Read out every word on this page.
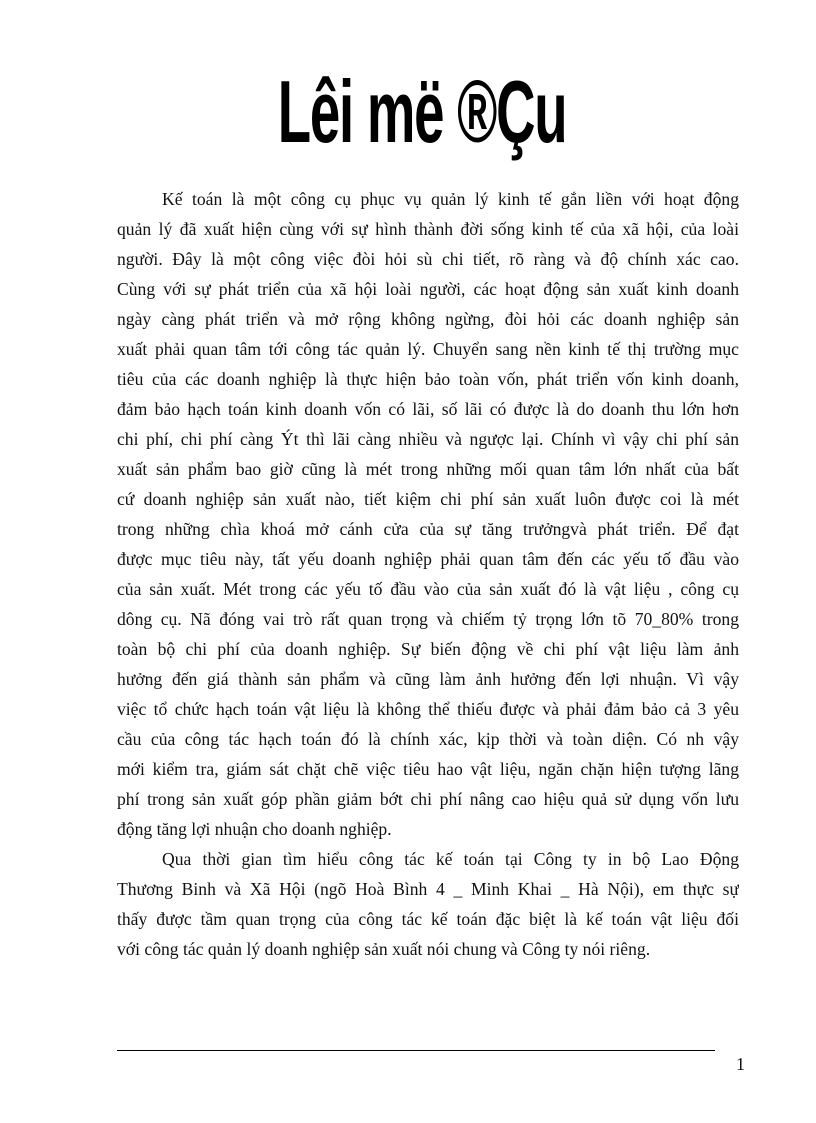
Lêi më ®Çu
Kế toán là một công cụ phục vụ quản lý kinh tế gắn liền với hoạt động
quản lý đã xuất hiện cùng với sự hình thành đời sống kinh tế của xã hội, của loài
người. Đây là một công việc đòi hỏi sù chi tiết, rõ ràng và độ chính xác cao.
Cùng với sự phát triển của xã hội loài người, các hoạt động sản xuất kinh doanh
ngày càng phát triển và mở rộng không ngừng, đòi hỏi các doanh nghiệp sản
xuất phải quan tâm tới công tác quản lý. Chuyển sang nền kinh tế thị trường mục
tiêu của các doanh nghiệp là thực hiện bảo toàn vốn, phát triển vốn kinh doanh,
đảm bảo hạch toán kinh doanh vốn có lãi, số lãi có được là do doanh thu lớn hơn
chi phí, chi phí càng Ýt thì lãi càng nhiều và ngược lại. Chính vì vậy chi phí sản
xuất sản phẩm bao giờ cũng là mét trong những mối quan tâm lớn nhất của bất
cứ doanh nghiệp sản xuất nào, tiết kiệm chi phí sản xuất luôn được coi là mét
trong những chìa khoá mở cánh cửa của sự tăng trưởngvà phát triển. Để đạt
được mục tiêu này, tất yếu doanh nghiệp phải quan tâm đến các yếu tố đầu vào
của sản xuất. Mét trong các yếu tố đầu vào của sản xuất đó là vật liệu , công cụ
dông cụ. Nã đóng vai trò rất quan trọng và chiếm tỷ trọng lớn tõ 70_80% trong
toàn bộ chi phí của doanh nghiệp. Sự biến động về chi phí vật liệu làm ảnh
hưởng đến giá thành sản phẩm và cũng làm ảnh hưởng đến lợi nhuận. Vì vậy
việc tổ chức hạch toán vật liệu là không thể thiếu được và phải đảm bảo cả 3 yêu
cầu của công tác hạch toán đó là chính xác, kịp thời và toàn diện. Có nh vậy
mới kiểm tra, giám sát chặt chẽ việc tiêu hao vật liệu, ngăn chặn hiện tượng lãng
phí trong sản xuất góp phần giảm bớt chi phí nâng cao hiệu quả sử dụng vốn lưu
động tăng lợi nhuận cho doanh nghiệp.
Qua thời gian tìm hiểu công tác kế toán tại Công ty in bộ Lao Động
Thương Binh và Xã Hội (ngõ Hoà Bình 4 _ Minh Khai _ Hà Nội), em thực sự
thấy được tầm quan trọng của công tác kế toán đặc biệt là kế toán vật liệu đối
với công tác quản lý doanh nghiệp sản xuất nói chung và Công ty nói riêng.
1
